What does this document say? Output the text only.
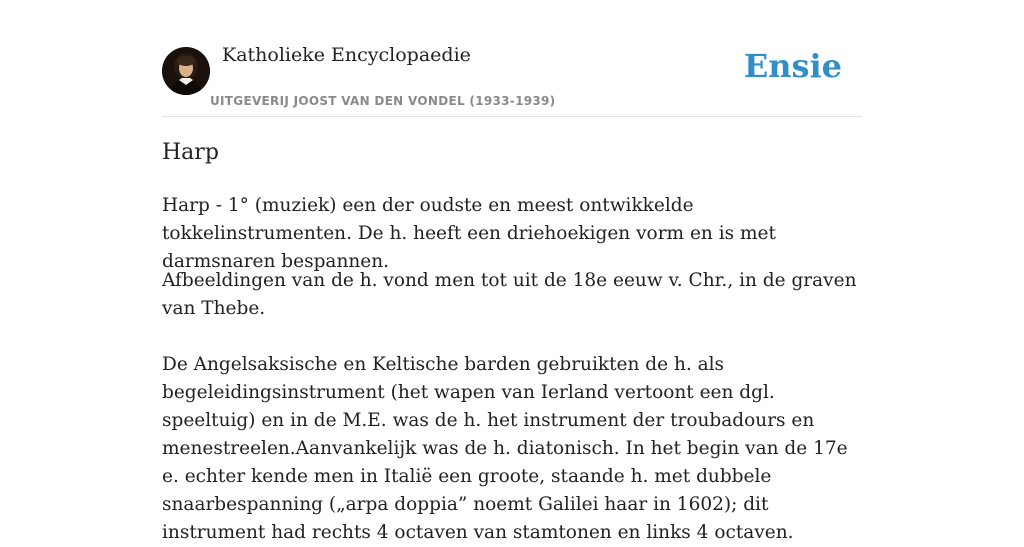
Katholieke Encyclopaedie
UITGEVERIJ JOOST VAN DEN VONDEL (1933-1939)
Ensie
Harp

Harp - 1° (muziek) een der oudste en meest ontwikkelde tokkelinstrumenten. De h. heeft een driehoekigen vorm en is met darmsnaren bespannen.

Afbeeldingen van de h. vond men tot uit de 18e eeuw v. Chr., in de graven van Thebe.

De Angelsaksische en Keltische barden gebruikten de h. als begeleidingsinstrument (het wapen van Ierland vertoont een dgl. speeltuig) en in de M.E. was de h. het instrument der troubadours en menestreelen.Aanvankelijk was de h. diatonisch. In het begin van de 17e e. echter kende men in Italië een groote, staande h. met dubbele snaarbespanning („arpa doppia” noemt Galilei haar in 1602); dit instrument had rechts 4 octaven van stamtonen en links 4 octaven.
